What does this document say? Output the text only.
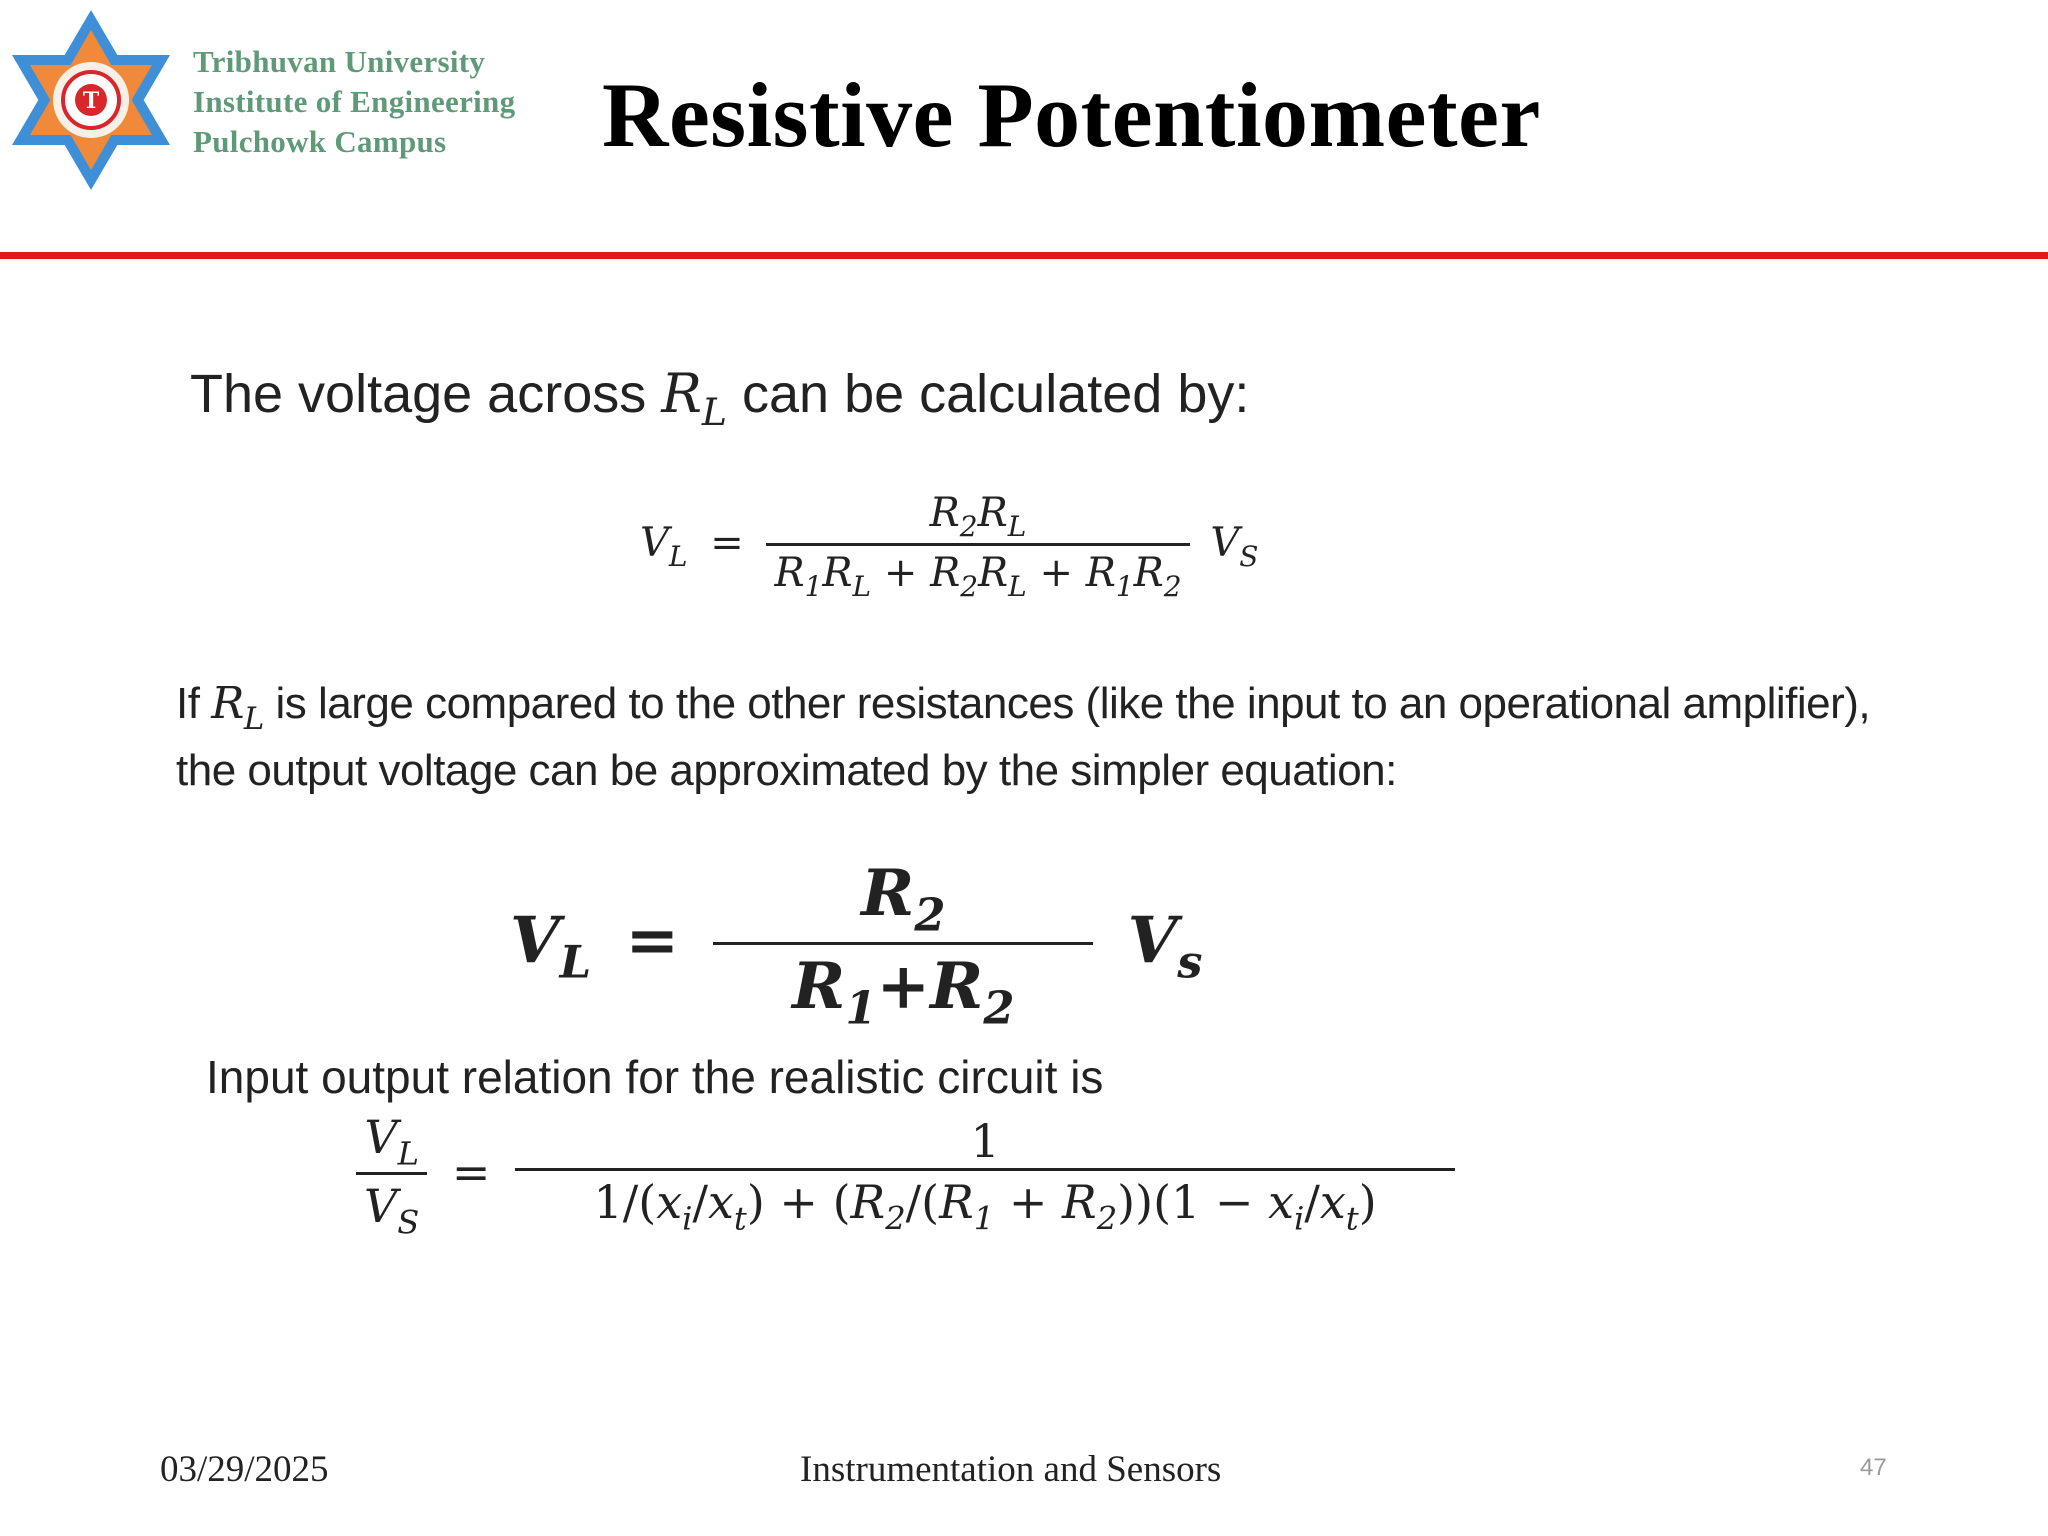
T
Tribhuvan University
Institute of Engineering
Pulchowk Campus Resistive Potentiometer
The voltage across $R_L$ can be calculated by:
$V_L = \frac{R_2R_L}{R_1R_L + R_2R_L + R_1R_2} V_S$
If $R_L$ is large compared to the other resistances (like the input to an operational amplifier),
the output voltage can be approximated by the simpler equation:
$V_L = \frac{R_2}{R_1+R_2} V_s$
Input output relation for the realistic circuit is
$\frac{V_L}{V_S} = \frac{1}{1/(x_i/x_t) + (R_2/(R_1 + R_2))(1 - x_i/x_t)}$
03/29/2025	Instrumentation and Sensors	47
